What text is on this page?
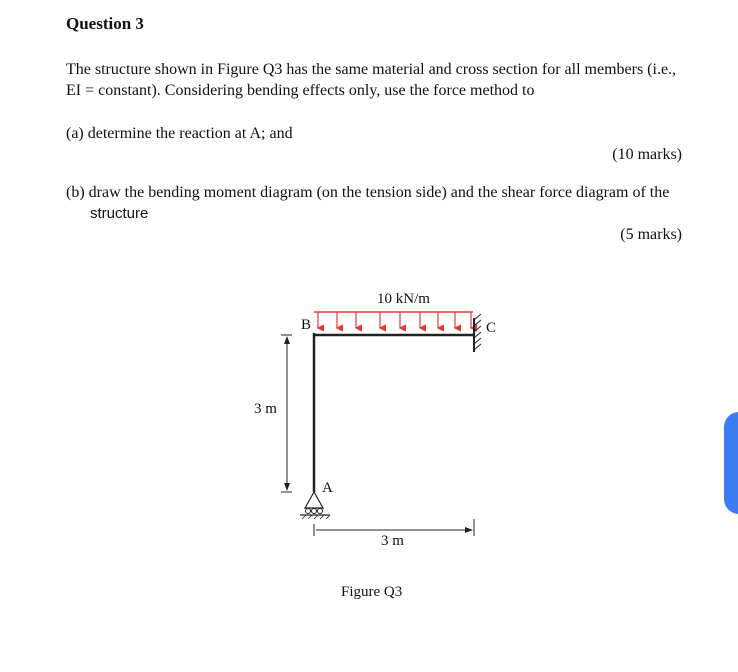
Question 3
The structure shown in Figure Q3 has the same material and cross section for all members (i.e.,
EI = constant). Considering bending effects only, use the force method to
(a) determine the reaction at A; and
(10 marks)
(b) draw the bending moment diagram (on the tension side) and the shear force diagram of the
structure
(5 marks)
10 kN/m
B	C
A
3 m
3 m
Figure Q3
